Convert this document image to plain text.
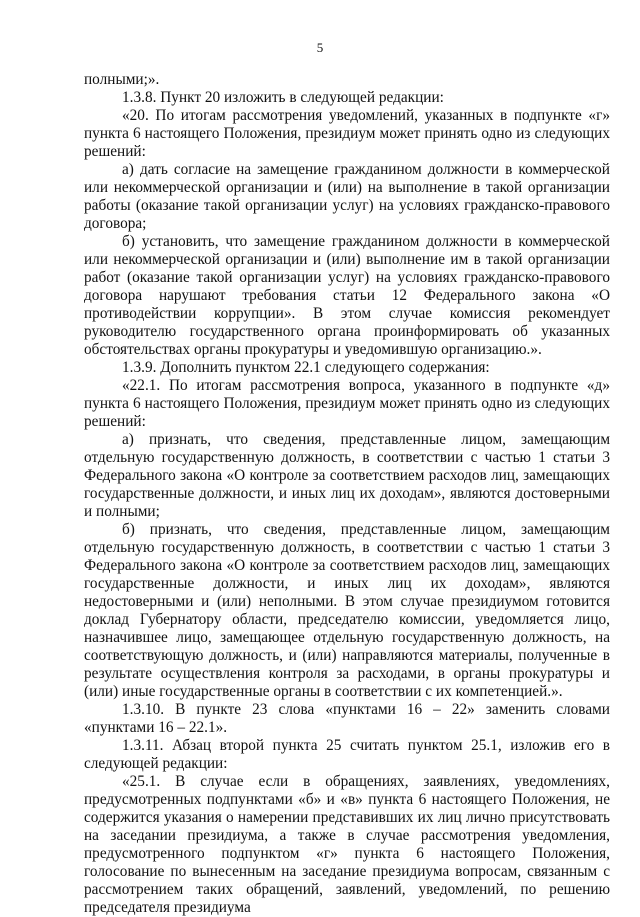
5

полными;».

1.3.8. Пункт 20 изложить в следующей редакции:

«20. По итогам рассмотрения уведомлений, указанных в подпункте «г» пункта 6 настоящего Положения, президиум может принять одно из следующих решений:

а) дать согласие на замещение гражданином должности в коммерческой или некоммерческой организации и (или) на выполнение в такой организации работы (оказание такой организации услуг) на условиях гражданско-правового договора;

б) установить, что замещение гражданином должности в коммерческой или некоммерческой организации и (или) выполнение им в такой организации работ (оказание такой организации услуг) на условиях гражданско-правового договора нарушают требования статьи 12 Федерального закона «О противодействии коррупции». В этом случае комиссия рекомендует руководителю государственного органа проинформировать об указанных обстоятельствах органы прокуратуры и уведомившую организацию.».

1.3.9. Дополнить пунктом 22.1 следующего содержания:

«22.1. По итогам рассмотрения вопроса, указанного в подпункте «д» пункта 6 настоящего Положения, президиум может принять одно из следующих решений:

а) признать, что сведения, представленные лицом, замещающим отдельную государственную должность, в соответствии с частью 1 статьи 3 Федерального закона «О контроле за соответствием расходов лиц, замещающих государственные должности, и иных лиц их доходам», являются достоверными и полными;

б) признать, что сведения, представленные лицом, замещающим отдельную государственную должность, в соответствии с частью 1 статьи 3 Федерального закона «О контроле за соответствием расходов лиц, замещающих государственные должности, и иных лиц их доходам», являются недостоверными и (или) неполными. В этом случае президиумом готовится доклад Губернатору области, председателю комиссии, уведомляется лицо, назначившее лицо, замещающее отдельную государственную должность, на соответствующую должность, и (или) направляются материалы, полученные в результате осуществления контроля за расходами, в органы прокуратуры и (или) иные государственные органы в соответствии с их компетенцией.».

1.3.10. В пункте 23 слова «пунктами 16 – 22» заменить словами «пунктами 16 – 22.1».

1.3.11. Абзац второй пункта 25 считать пунктом 25.1, изложив его в следующей редакции:

«25.1. В случае если в обращениях, заявлениях, уведомлениях, предусмотренных подпунктами «б» и «в» пункта 6 настоящего Положения, не содержится указания о намерении представивших их лиц лично присутствовать на заседании президиума, а также в случае рассмотрения уведомления, предусмотренного подпунктом «г» пункта 6 настоящего Положения, голосование по вынесенным на заседание президиума вопросам, связанным с рассмотрением таких обращений, заявлений, уведомлений, по решению председателя президиума
